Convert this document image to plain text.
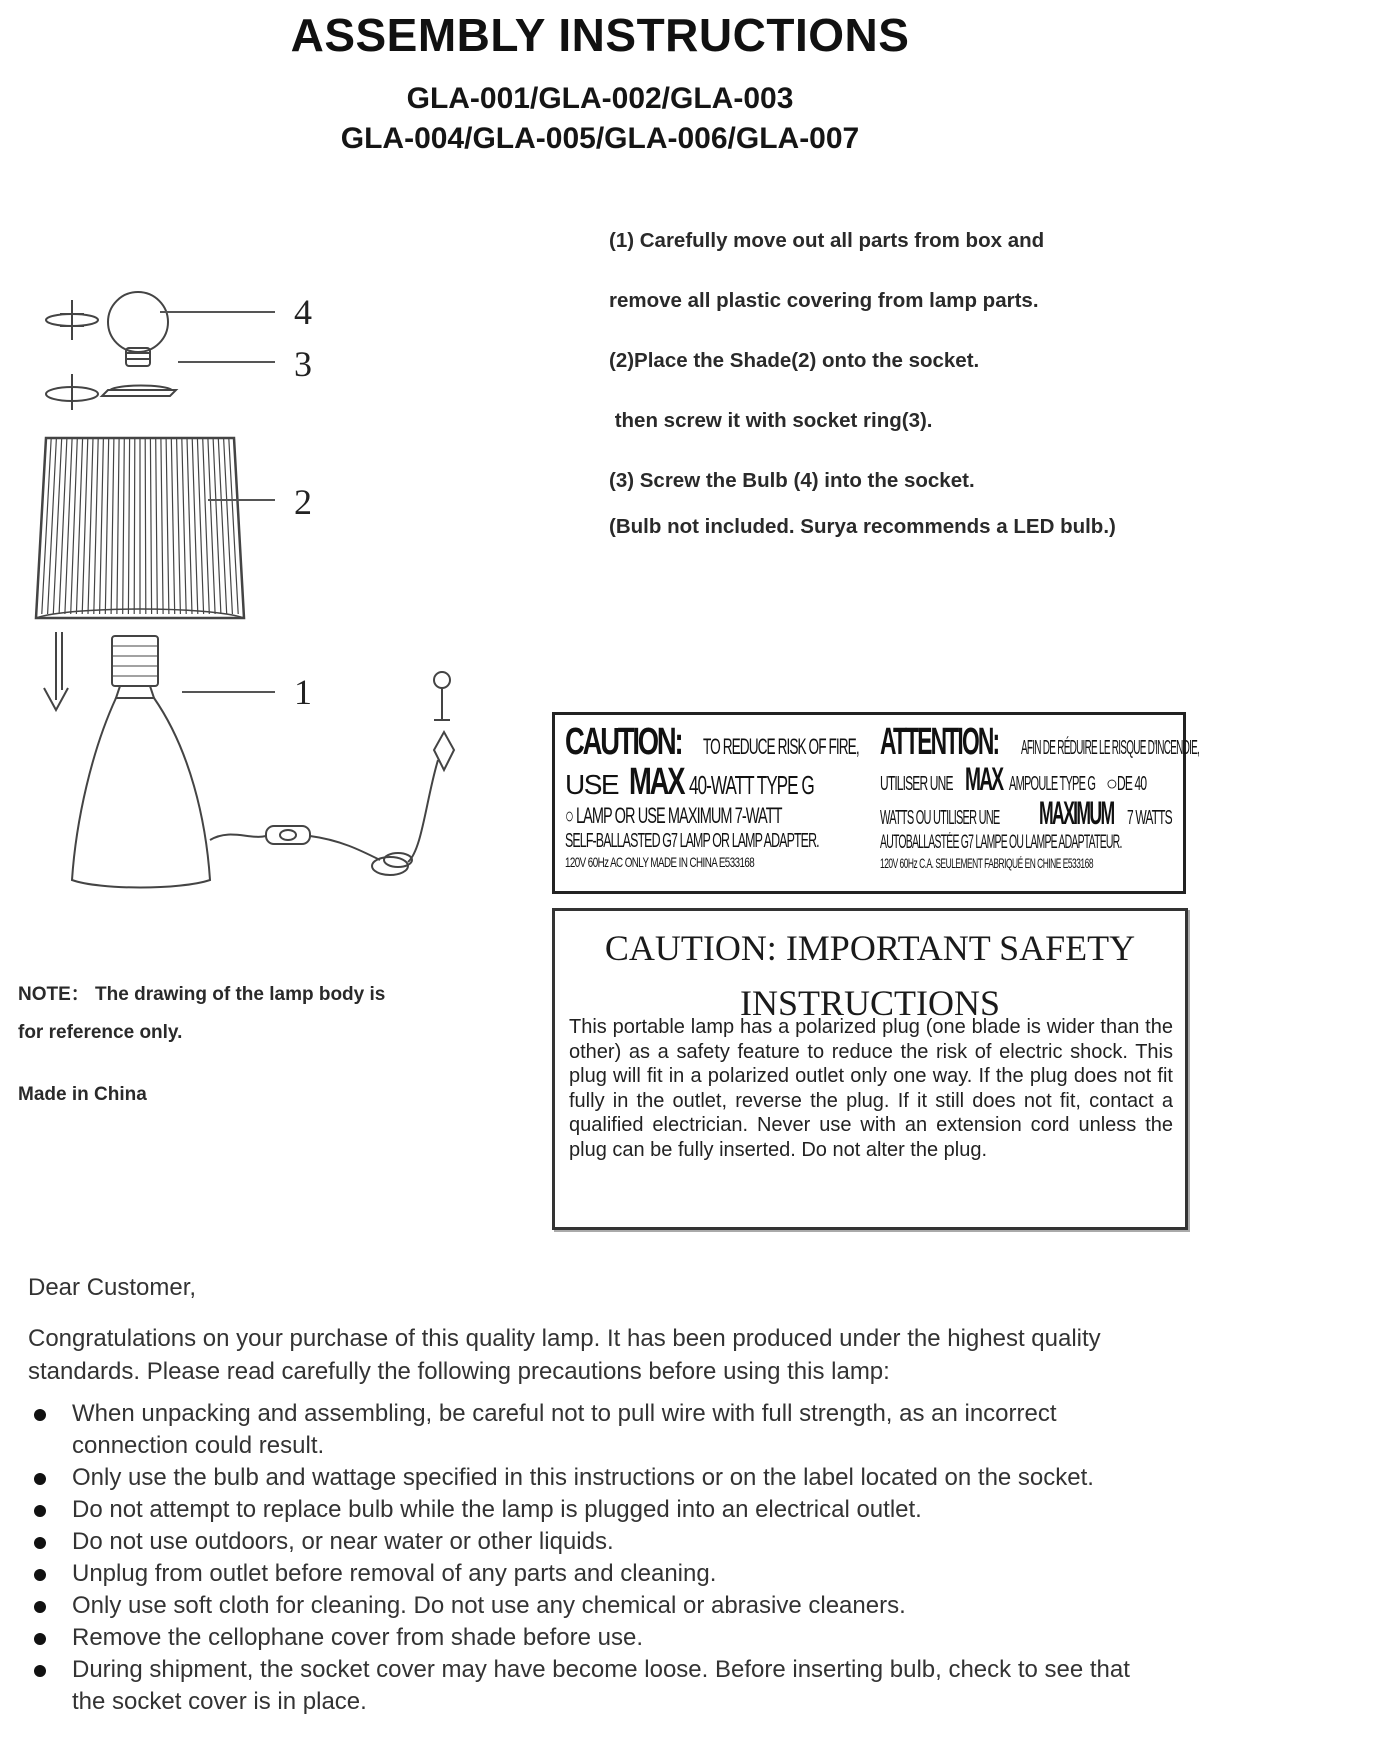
ASSEMBLY INSTRUCTIONS
GLA-001/GLA-002/GLA-003
GLA-004/GLA-005/GLA-006/GLA-007
(1) Carefully move out all parts from box and
remove all plastic covering from lamp parts.
(2)Place the Shade(2) onto the socket.
then screw it with socket ring(3).
(3) Screw the Bulb (4) into the socket.
(Bulb not included. Surya recommends a LED bulb.)
4
3
2
1
CAUTION: TO REDUCE RISK OF FIRE,
USE MAX 40-WATT TYPE G
○ LAMP OR USE MAXIMUM 7-WATT
SELF-BALLASTED G7 LAMP OR LAMP ADAPTER.
120V 60Hz AC ONLY MADE IN CHINA E533168
ATTENTION: AFIN DE RÉDUIRE LE RISQUE D'INCENDIE,
UTILISER UNE MAX AMPOULE TYPE G ○DE 40
WATTS OU UTILISER UNE MAXIMUM 7 WATTS
AUTOBALLASTÉE G7 LAMPE OU LAMPE ADAPTATEUR.
120V 60Hz C.A. SEULEMENT FABRIQUÉ EN CHINE E533168
CAUTION: IMPORTANT SAFETY
INSTRUCTIONS
This portable lamp has a polarized plug (one blade is wider than the other) as a safety feature to reduce the risk of electric shock. This plug will fit in a polarized outlet only one way. If the plug does not fit fully in the outlet, reverse the plug. If it still does not fit, contact a qualified electrician. Never use with an extension cord unless the plug can be fully inserted. Do not alter the plug.
NOTE： The drawing of the lamp body is for reference only.
Made in China
Dear Customer,
Congratulations on your purchase of this quality lamp. It has been produced under the highest quality standards. Please read carefully the following precautions before using this lamp:
When unpacking and assembling, be careful not to pull wire with full strength, as an incorrect connection could result.
Only use the bulb and wattage specified in this instructions or on the label located on the socket.
Do not attempt to replace bulb while the lamp is plugged into an electrical outlet.
Do not use outdoors, or near water or other liquids.
Unplug from outlet before removal of any parts and cleaning.
Only use soft cloth for cleaning. Do not use any chemical or abrasive cleaners.
Remove the cellophane cover from shade before use.
During shipment, the socket cover may have become loose. Before inserting bulb, check to see that the socket cover is in place.
